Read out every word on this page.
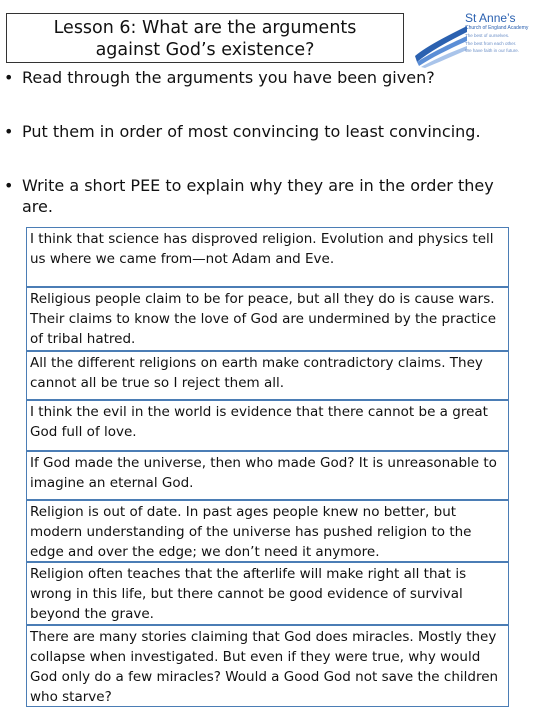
Lesson 6: What are the arguments
against God’s existence?
St Anne’s
Church of England Academy
The best of ourselves.
The best from each other.
We have faith in our future.
• Read through the arguments you have been given?
• Put them in order of most convincing to least convincing.
• Write a short PEE to explain why they are in the order they are.
I think that science has disproved religion. Evolution and physics tell us where we came from—not Adam and Eve.
Religious people claim to be for peace, but all they do is cause wars. Their claims to know the love of God are undermined by the practice of tribal hatred.
All the different religions on earth make contradictory claims. They cannot all be true so I reject them all.
I think the evil in the world is evidence that there cannot be a great God full of love.
If God made the universe, then who made God? It is unreasonable to imagine an eternal God.
Religion is out of date. In past ages people knew no better, but modern understanding of the universe has pushed religion to the edge and over the edge; we don’t need it anymore.
Religion often teaches that the afterlife will make right all that is wrong in this life, but there cannot be good evidence of survival beyond the grave.
There are many stories claiming that God does miracles. Mostly they collapse when investigated. But even if they were true, why would God only do a few miracles? Would a Good God not save the children who starve?
